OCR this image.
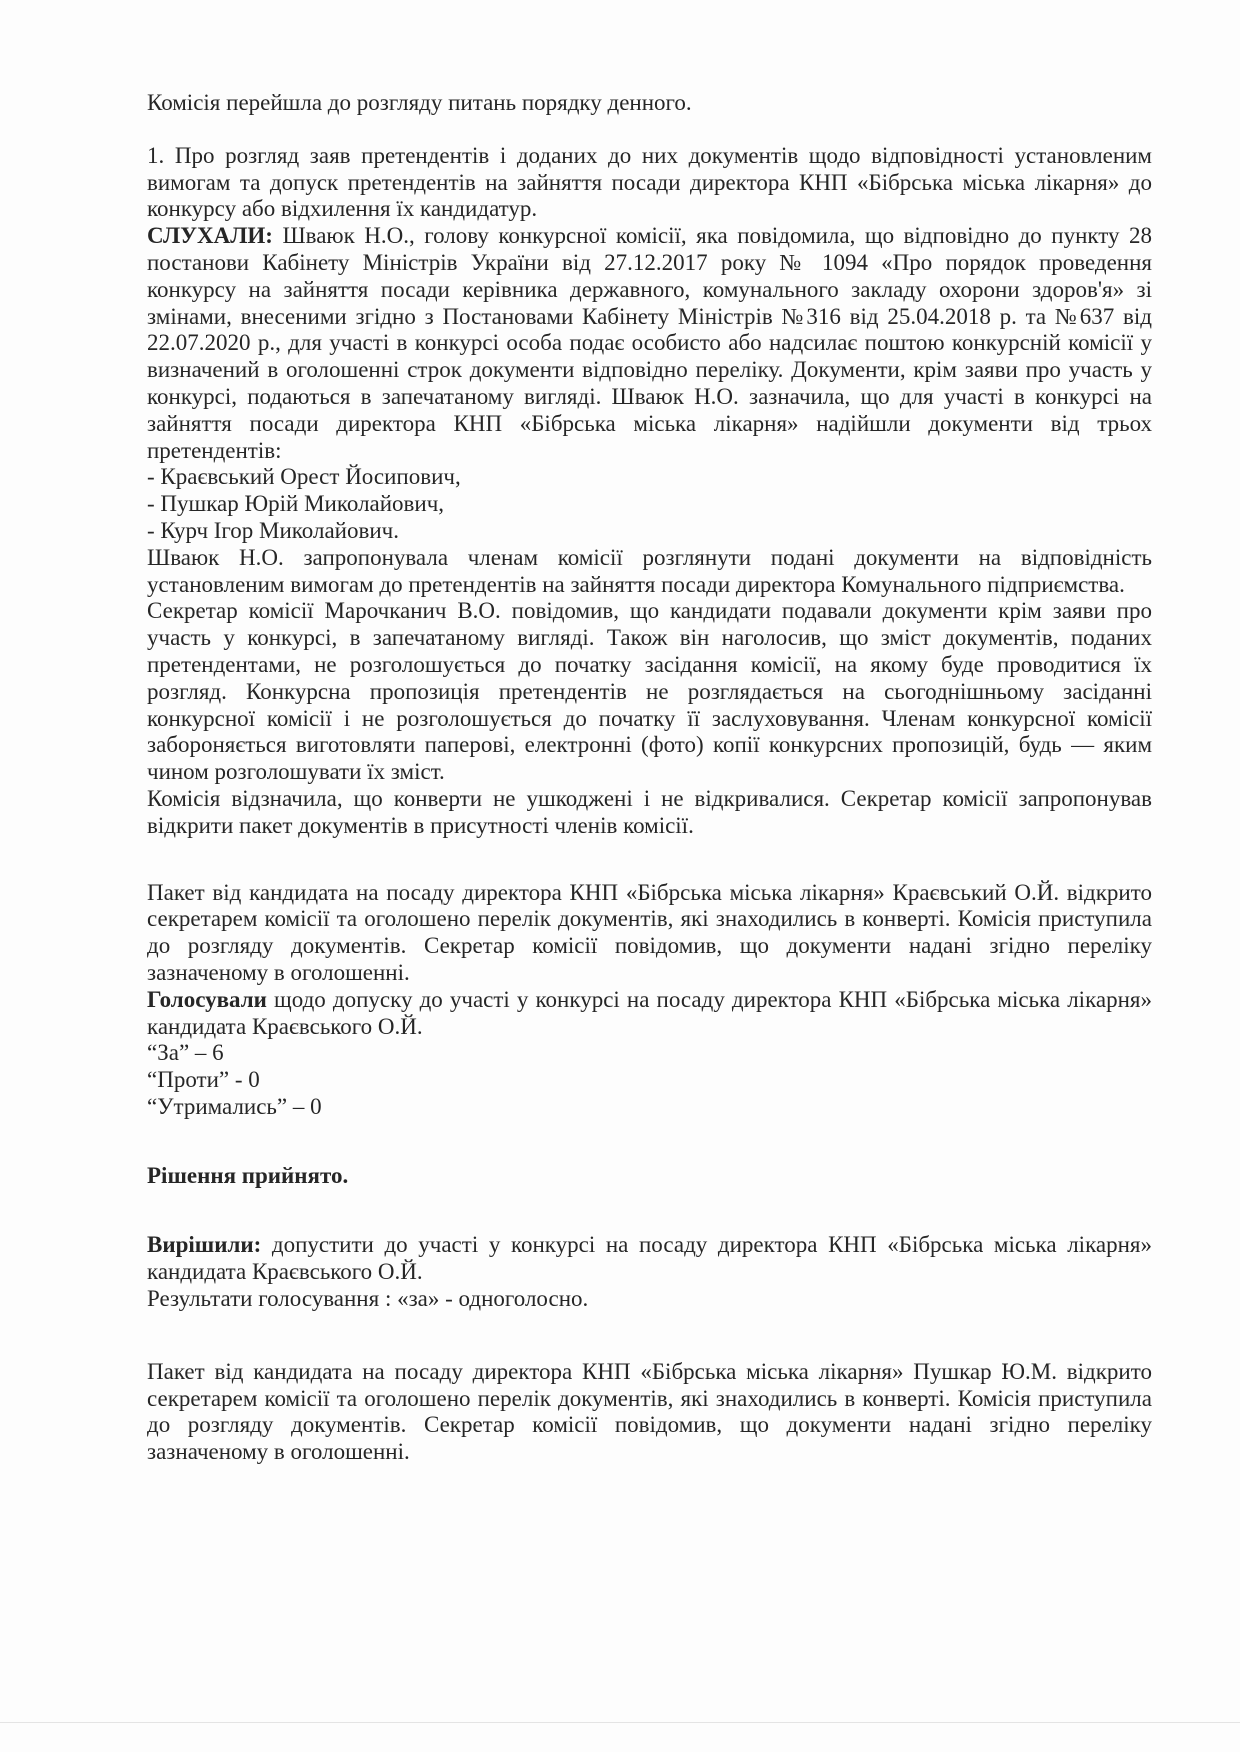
Комісія перейшла до розгляду питань порядку денного.

1. Про розгляд заяв претендентів і доданих до них документів щодо відповідності установленим вимогам та допуск претендентів на зайняття посади директора КНП «Бібрська міська лікарня» до конкурсу або відхилення їх кандидатур.

СЛУХАЛИ: Шваюк Н.О., голову конкурсної комісії, яка повідомила, що відповідно до пункту 28 постанови Кабінету Міністрів України від 27.12.2017 року № 1094 «Про порядок проведення конкурсу на зайняття посади керівника державного, комунального закладу охорони здоров'я» зі змінами, внесеними згідно з Постановами Кабінету Міністрів №316 від 25.04.2018 р. та №637 від 22.07.2020 р., для участі в конкурсі особа подає особисто або надсилає поштою конкурсній комісії у визначений в оголошенні строк документи відповідно переліку. Документи, крім заяви про участь у конкурсі, подаються в запечатаному вигляді. Шваюк Н.О. зазначила, що для участі в конкурсі на зайняття посади директора КНП «Бібрська міська лікарня» надійшли документи від трьох претендентів:

- Краєвський Орест Йосипович,

- Пушкар Юрій Миколайович,

- Курч Ігор Миколайович.

Шваюк Н.О. запропонувала членам комісії розглянути подані документи на відповідність установленим вимогам до претендентів на зайняття посади директора Комунального підприємства.

Секретар комісії Марочканич В.О. повідомив, що кандидати подавали документи крім заяви про участь у конкурсі, в запечатаному вигляді. Також він наголосив, що зміст документів, поданих претендентами, не розголошується до початку засідання комісії, на якому буде проводитися їх розгляд. Конкурсна пропозиція претендентів не розглядається на сьогоднішньому засіданні конкурсної комісії і не розголошується до початку її заслуховування. Членам конкурсної комісії забороняється виготовляти паперові, електронні (фото) копії конкурсних пропозицій, будь — яким чином розголошувати їх зміст.

Комісія відзначила, що конверти не ушкоджені і не відкривалися. Секретар комісії запропонував відкрити пакет документів в присутності членів комісії.

Пакет від кандидата на посаду директора КНП «Бібрська міська лікарня» Краєвський О.Й. відкрито секретарем комісії та оголошено перелік документів, які знаходились в конверті. Комісія приступила до розгляду документів. Секретар комісії повідомив, що документи надані згідно переліку зазначеному в оголошенні.

Голосували щодо допуску до участі у конкурсі на посаду директора КНП «Бібрська міська лікарня» кандидата Краєвського О.Й.

“За” – 6

“Проти” - 0

“Утримались” – 0

Рішення прийнято.

Вирішили: допустити до участі у конкурсі на посаду директора КНП «Бібрська міська лікарня» кандидата Краєвського О.Й.

Результати голосування : «за» - одноголосно.

Пакет від кандидата на посаду директора КНП «Бібрська міська лікарня» Пушкар Ю.М. відкрито секретарем комісії та оголошено перелік документів, які знаходились в конверті. Комісія приступила до розгляду документів. Секретар комісії повідомив, що документи надані згідно переліку зазначеному в оголошенні.
